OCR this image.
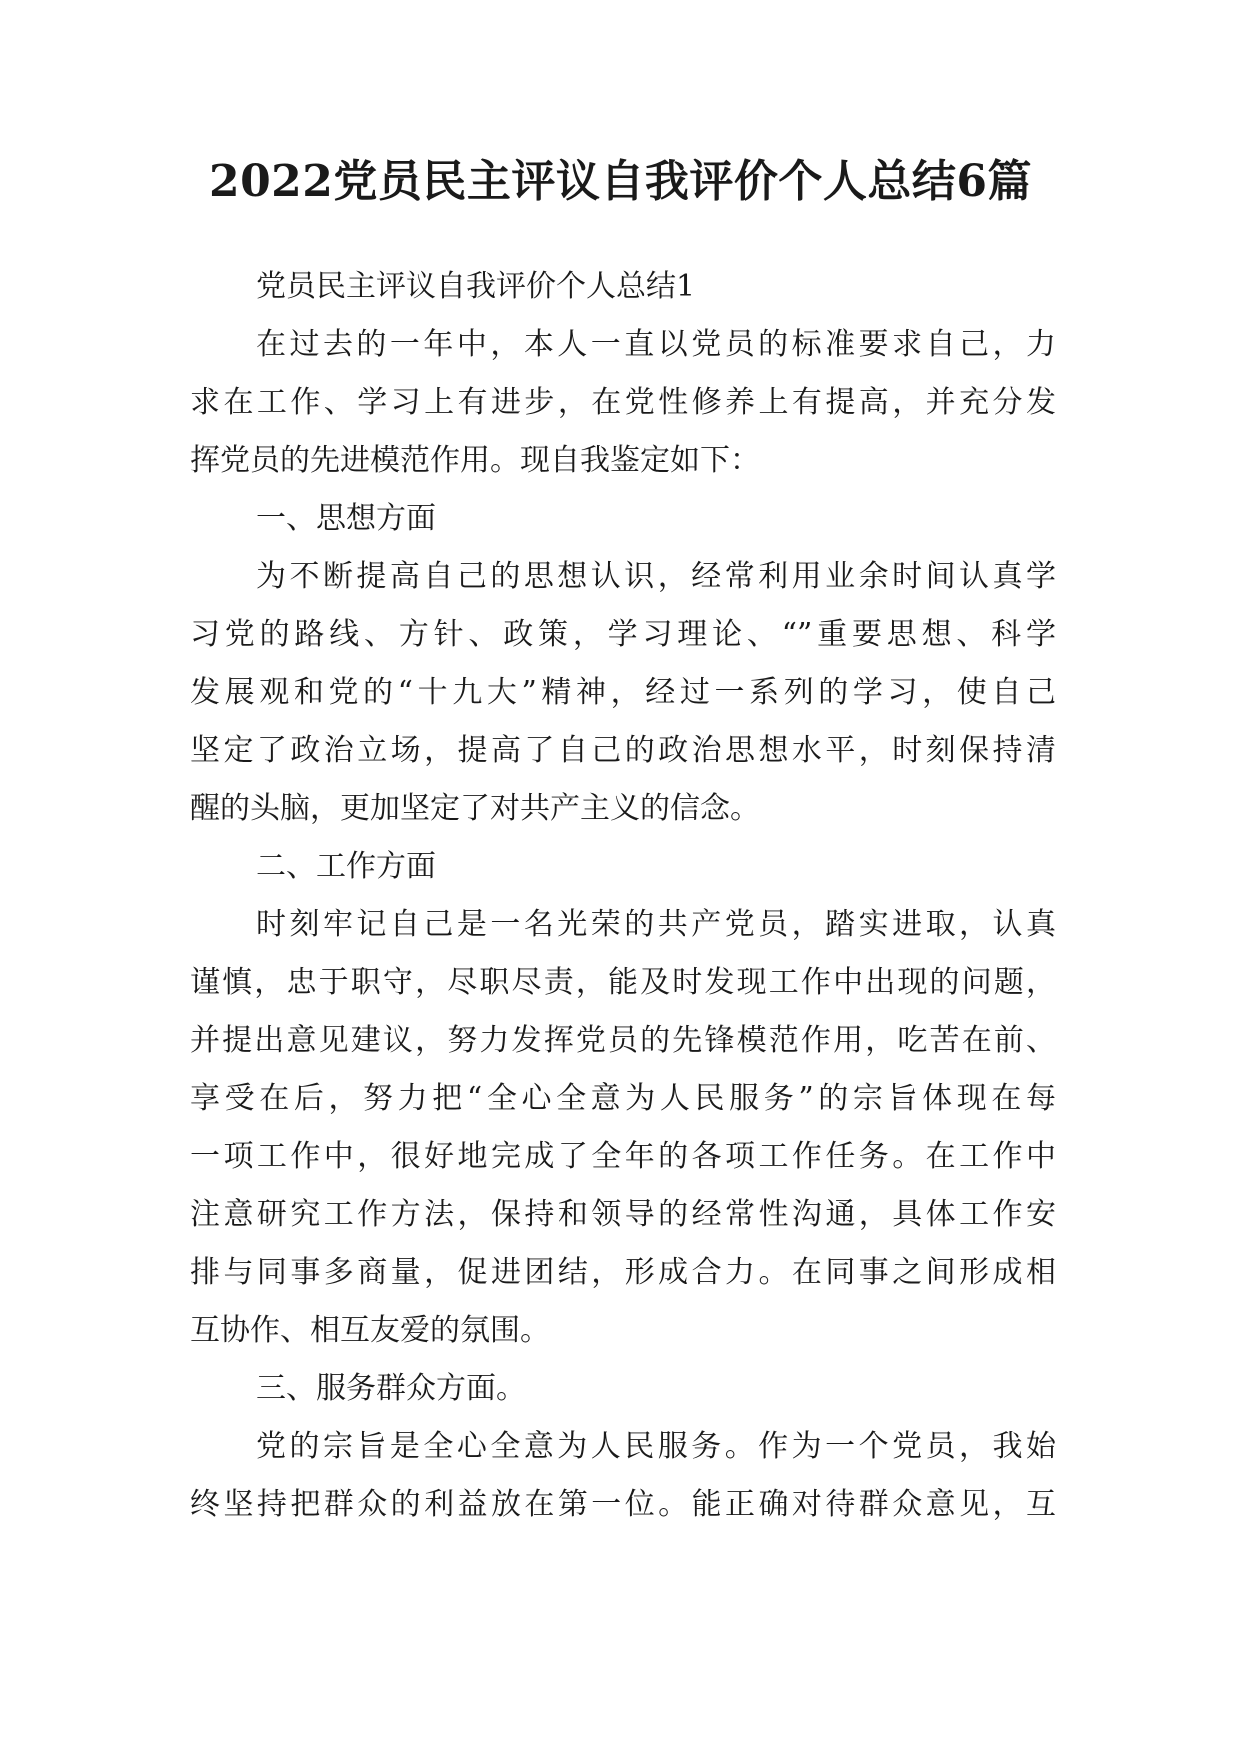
2022党员民主评议自我评价个人总结6篇
党员民主评议自我评价个人总结1
在过去的一年中，本人一直以党员的标准要求自己，力
求在工作、学习上有进步，在党性修养上有提高，并充分发
挥党员的先进模范作用。现自我鉴定如下：
一、思想方面
为不断提高自己的思想认识，经常利用业余时间认真学
习党的路线、方针、政策，学习理论、“”重要思想、科学
发展观和党的“十九大”精神，经过一系列的学习，使自己
坚定了政治立场，提高了自己的政治思想水平，时刻保持清
醒的头脑，更加坚定了对共产主义的信念。
二、工作方面
时刻牢记自己是一名光荣的共产党员，踏实进取，认真
谨慎，忠于职守，尽职尽责，能及时发现工作中出现的问题，
并提出意见建议，努力发挥党员的先锋模范作用，吃苦在前、
享受在后，努力把“全心全意为人民服务”的宗旨体现在每
一项工作中，很好地完成了全年的各项工作任务。在工作中
注意研究工作方法，保持和领导的经常性沟通，具体工作安
排与同事多商量，促进团结，形成合力。在同事之间形成相
互协作、相互友爱的氛围。
三、服务群众方面。
党的宗旨是全心全意为人民服务。作为一个党员，我始
终坚持把群众的利益放在第一位。能正确对待群众意见，互
